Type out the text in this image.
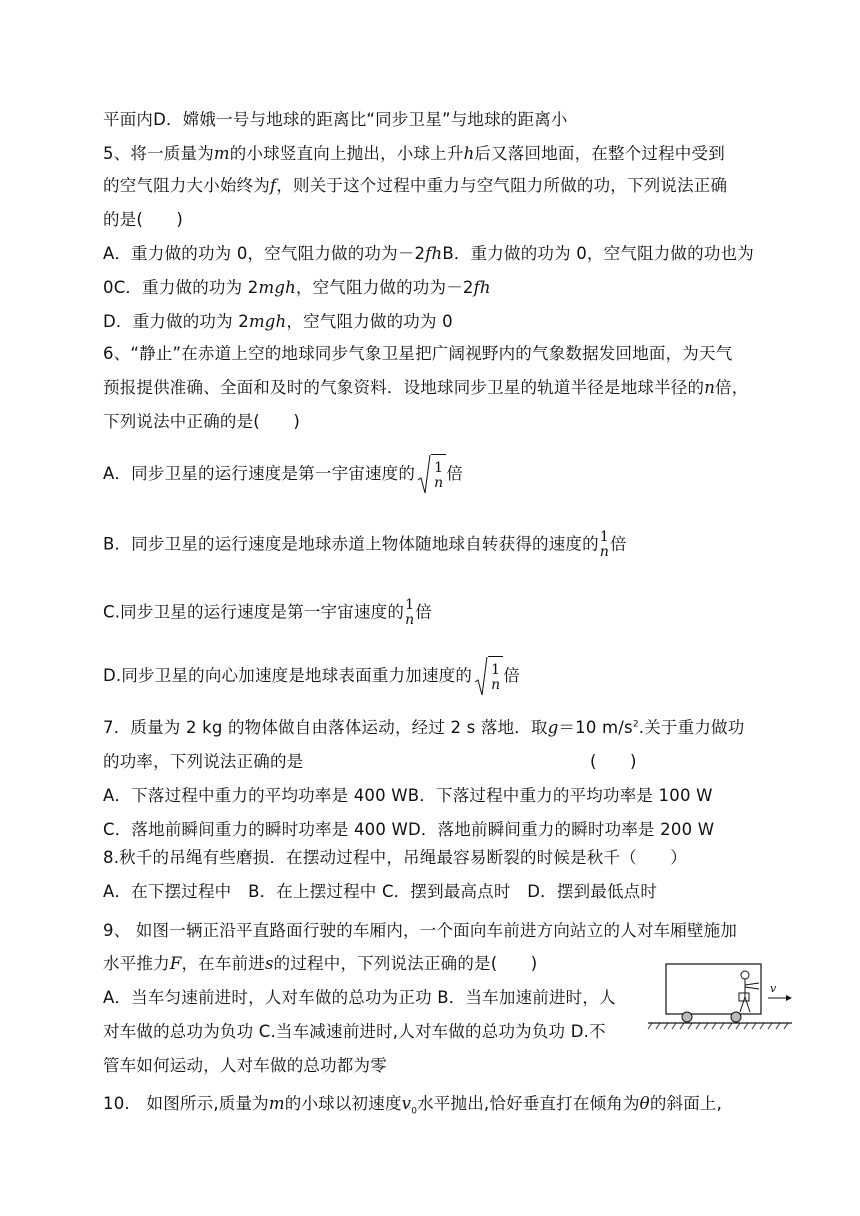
平面内D．嫦娥一号与地球的距离比“同步卫星”与地球的距离小
5、将一质量为m的小球竖直向上抛出，小球上升h后又落回地面，在整个过程中受到
的空气阻力大小始终为f，则关于这个过程中重力与空气阻力所做的功，下列说法正确
的是(　　)
A．重力做的功为 0，空气阻力做的功为－2fhB．重力做的功为 0，空气阻力做的功也为
0C．重力做的功为 2mgh，空气阻力做的功为－2fh
D．重力做的功为 2mgh，空气阻力做的功为 0
6、“静止”在赤道上空的地球同步气象卫星把广阔视野内的气象数据发回地面，为天气
预报提供准确、全面和及时的气象资料．设地球同步卫星的轨道半径是地球半径的n倍，
下列说法中正确的是(　　)
A．同步卫星的运行速度是第一宇宙速度的 1
n 倍
B．同步卫星的运行速度是地球赤道上物体随地球自转获得的速度的 1
n 倍
C.同步卫星的运行速度是第一宇宙速度的 1
n 倍
D.同步卫星的向心加速度是地球表面重力加速度的 1
n 倍
7．质量为 2 kg 的物体做自由落体运动，经过 2 s 落地．取g＝10 $m/s^2$.关于重力做功
的功率，下列说法正确的是	(　　)
A．下落过程中重力的平均功率是 400 WB．下落过程中重力的平均功率是 100 W
C．落地前瞬间重力的瞬时功率是 400 WD．落地前瞬间重力的瞬时功率是 200 W
8.秋千的吊绳有些磨损．在摆动过程中，吊绳最容易断裂的时候是秋千（　　）
A．在下摆过程中　B．在上摆过程中 C．摆到最高点时　D．摆到最低点时
9、 如图一辆正沿平直路面行驶的车厢内，一个面向车前进方向站立的人对车厢壁施加
水平推力F，在车前进s的过程中，下列说法正确的是(　　)
A．当车匀速前进时，人对车做的总功为正功 B．当车加速前进时，人
对车做的总功为负功 C.当车减速前进时,人对车做的总功为负功 D.不
管车如何运动，人对车做的总功都为零
10.　如图所示,质量为m的小球以初速度$v_0$水平抛出,恰好垂直打在倾角为θ的斜面上,
v
